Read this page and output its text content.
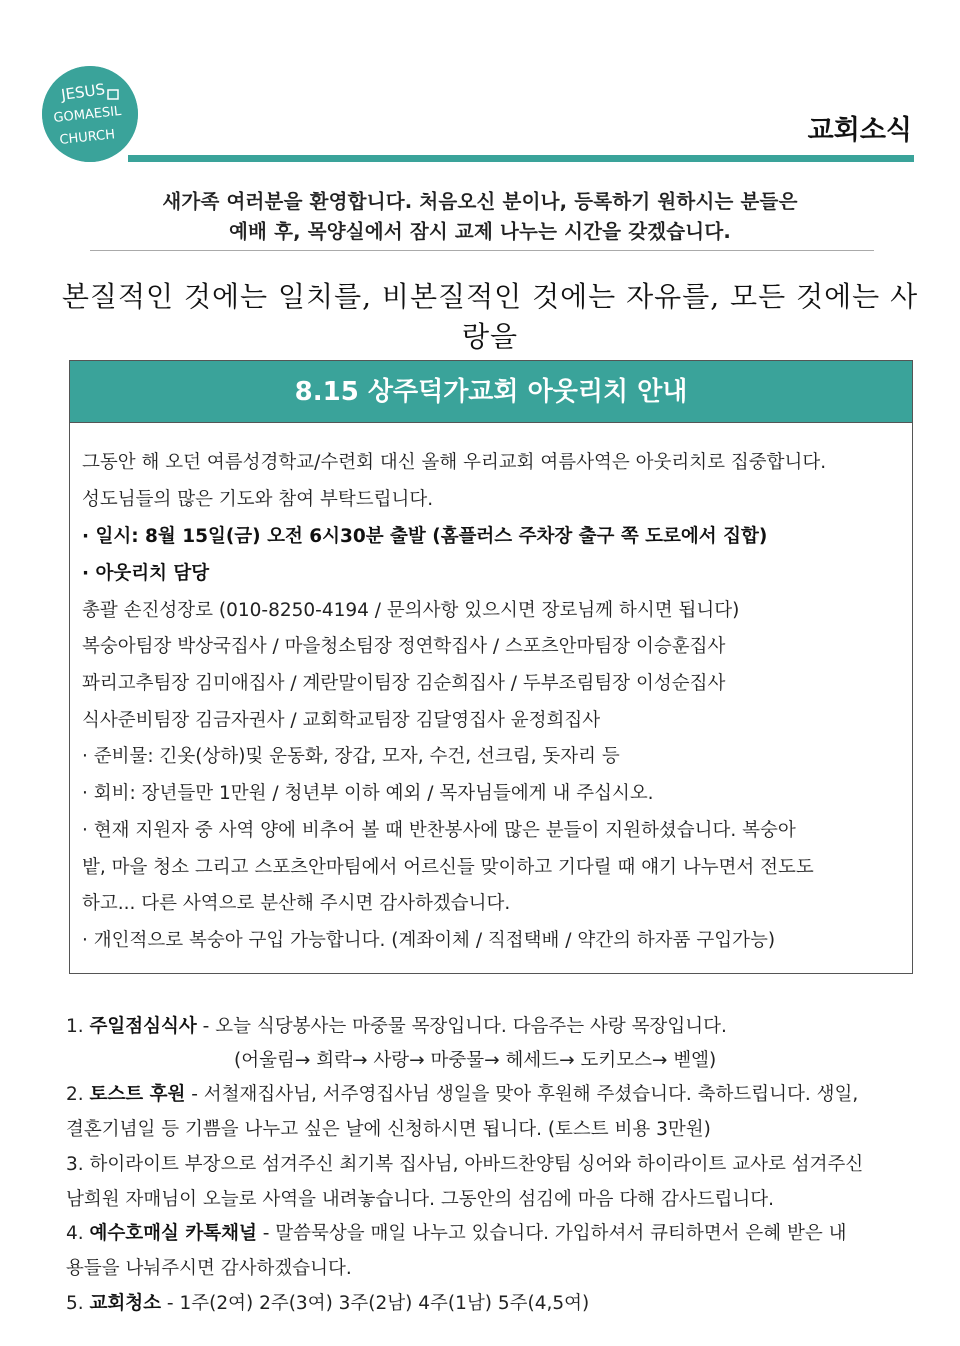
JESUS
GOMAESIL
CHURCH	교회소식
새가족 여러분을 환영합니다. 처음오신 분이나, 등록하기 원하시는 분들은
예배 후, 목양실에서 잠시 교제 나누는 시간을 갖겠습니다.
본질적인 것에는 일치를, 비본질적인 것에는 자유를, 모든 것에는 사랑을
8.15 상주덕가교회 아웃리치 안내
그동안 해 오던 여름성경학교/수련회 대신 올해 우리교회 여름사역은 아웃리치로 집중합니다.
성도님들의 많은 기도와 참여 부탁드립니다.
· 일시: 8월 15일(금) 오전 6시30분 출발 (홈플러스 주차장 출구 쪽 도로에서 집합)
· 아웃리치 담당
총괄 손진성장로 (010-8250-4194 / 문의사항 있으시면 장로님께 하시면 됩니다)
복숭아팀장 박상국집사 / 마을청소팀장 정연학집사 / 스포츠안마팀장 이승훈집사
꽈리고추팀장 김미애집사 / 계란말이팀장 김순희집사 / 두부조림팀장 이성순집사
식사준비팀장 김금자권사 / 교회학교팀장 김달영집사 윤정희집사
· 준비물: 긴옷(상하)및 운동화, 장갑, 모자, 수건, 선크림, 돗자리 등
· 회비: 장년들만 1만원 / 청년부 이하 예외 / 목자님들에게 내 주십시오.
· 현재 지원자 중 사역 양에 비추어 볼 때 반찬봉사에 많은 분들이 지원하셨습니다. 복숭아
밭, 마을 청소 그리고 스포츠안마팀에서 어르신들 맞이하고 기다릴 때 얘기 나누면서 전도도
하고... 다른 사역으로 분산해 주시면 감사하겠습니다.
· 개인적으로 복숭아 구입 가능합니다. (계좌이체 / 직접택배 / 약간의 하자품 구입가능)
1. 주일점심식사 - 오늘 식당봉사는 마중물 목장입니다. 다음주는 사랑 목장입니다.
(어울림→ 희락→ 사랑→ 마중물→ 헤세드→ 도키모스→ 벧엘)
2. 토스트 후원 - 서철재집사님, 서주영집사님 생일을 맞아 후원해 주셨습니다. 축하드립니다. 생일,
결혼기념일 등 기쁨을 나누고 싶은 날에 신청하시면 됩니다. (토스트 비용 3만원)
3. 하이라이트 부장으로 섬겨주신 최기복 집사님, 아바드찬양팀 싱어와 하이라이트 교사로 섬겨주신
남희원 자매님이 오늘로 사역을 내려놓습니다. 그동안의 섬김에 마음 다해 감사드립니다.
4. 예수호매실 카톡채널 - 말씀묵상을 매일 나누고 있습니다. 가입하셔서 큐티하면서 은혜 받은 내
용들을 나눠주시면 감사하겠습니다.
5. 교회청소 - 1주(2여) 2주(3여) 3주(2남) 4주(1남) 5주(4,5여)
